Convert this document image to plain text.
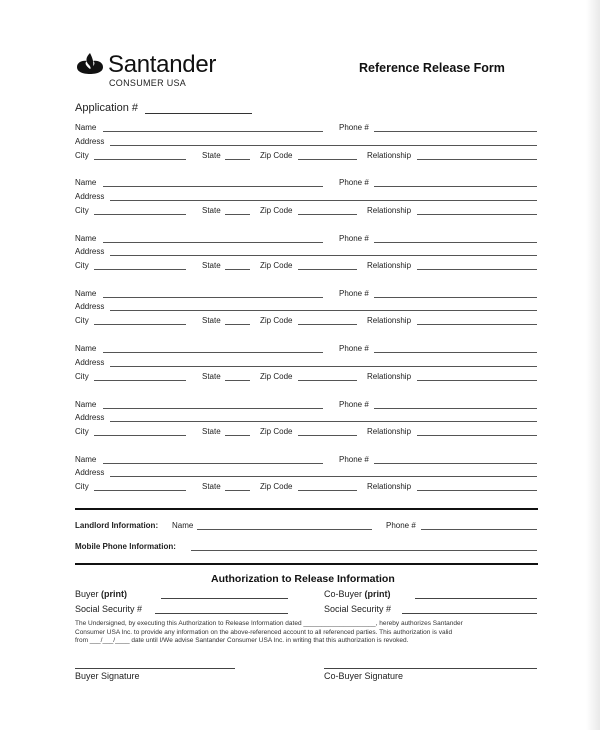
Santander
CONSUMER USA
Reference Release Form
Application #
Name	Phone #
Address
City	State	Zip Code	Relationship
Name	Phone #
Address
City	State	Zip Code	Relationship
Name	Phone #
Address
City	State	Zip Code	Relationship
Name	Phone #
Address
City	State	Zip Code	Relationship
Name	Phone #
Address
City	State	Zip Code	Relationship
Name	Phone #
Address
City	State	Zip Code	Relationship
Name	Phone #
Address
City	State	Zip Code	Relationship
Landlord Information: Name	Phone #
Mobile Phone Information:
Authorization to Release Information
Buyer (print)	Co-Buyer (print)
Social Security #	Social Security #
The Undersigned, by executing this Authorization to Release Information dated ____________________, hereby authorizes Santander
Consumer USA Inc. to provide any information on the above-referenced account to all referenced parties. This authorization is valid
from ___/___/____ date until I/We advise Santander Consumer USA Inc. in writing that this authorization is revoked.
Buyer Signature	Co-Buyer Signature
